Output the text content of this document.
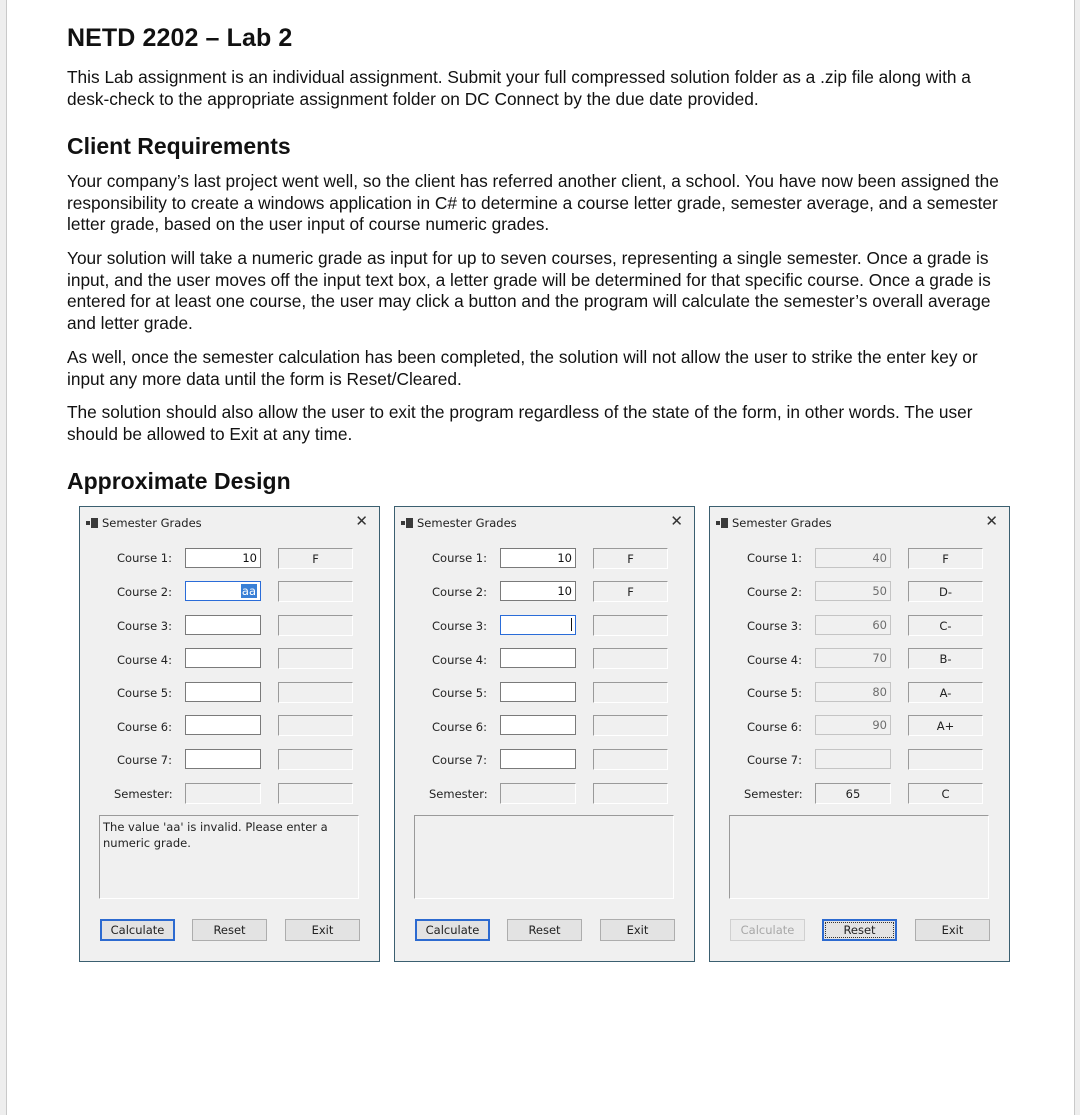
NETD 2202 – Lab 2
This Lab assignment is an individual assignment. Submit your full compressed solution folder as a .zip file along with a desk-check to the appropriate assignment folder on DC Connect by the due date provided.
Client Requirements
Your company’s last project went well, so the client has referred another client, a school. You have now been assigned the responsibility to create a windows application in C# to determine a course letter grade, semester average, and a semester letter grade, based on the user input of course numeric grades.
Your solution will take a numeric grade as input for up to seven courses, representing a single semester. Once a grade is input, and the user moves off the input text box, a letter grade will be determined for that specific course. Once a grade is entered for at least one course, the user may click a button and the program will calculate the semester’s overall average and letter grade.
As well, once the semester calculation has been completed, the solution will not allow the user to strike the enter key or input any more data until the form is Reset/Cleared.
The solution should also allow the user to exit the program regardless of the state of the form, in other words. The user should be allowed to Exit at any time.
Approximate Design
Semester Grades	✕
Course 1:	10	F
Course 2:	aa
Course 3:
Course 4:
Course 5:
Course 6:
Course 7:
Semester:
The value 'aa' is invalid. Please enter a numeric grade.
Calculate	Reset	Exit
Semester Grades	✕
Course 1:	10	F
Course 2:	10	F
Course 3:
Course 4:
Course 5:
Course 6:
Course 7:
Semester:
Calculate	Reset	Exit
Semester Grades	✕
Course 1:	40	F
Course 2:	50	D-
Course 3:	60	C-
Course 4:	70	B-
Course 5:	80	A-
Course 6:	90	A+
Course 7:
Semester:	65	C
Calculate	Reset	Exit
